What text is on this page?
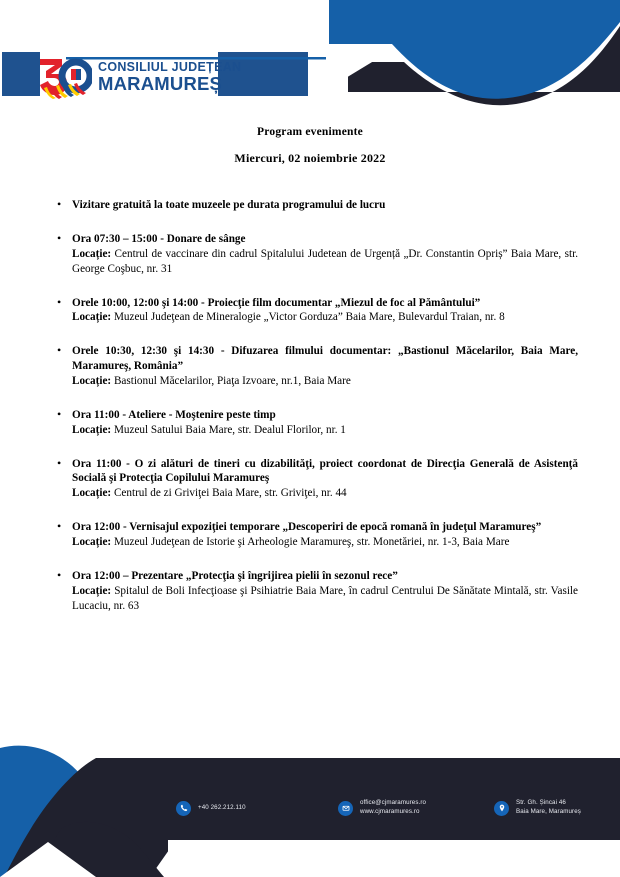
CONSILIUL JUDEȚEAN
MARAMUREȘ
Program evenimente
Miercuri, 02 noiembrie 2022
• Vizitare gratuită la toate muzeele pe durata programului de lucru
• Ora 07:30 – 15:00 - Donare de sânge
Locație: Centrul de vaccinare din cadrul Spitalului Judetean de Urgență „Dr. Constantin Opriș” Baia Mare, str. George Coşbuc, nr. 31
• Orele 10:00, 12:00 şi 14:00 - Proiecţie film documentar „Miezul de foc al Pământului”
Locație: Muzeul Judeţean de Mineralogie „Victor Gorduza” Baia Mare, Bulevardul Traian, nr. 8
• Orele 10:30, 12:30 şi 14:30 - Difuzarea filmului documentar: „Bastionul Măcelarilor, Baia Mare, Maramureş, România”
Locație: Bastionul Măcelarilor, Piaţa Izvoare, nr.1, Baia Mare
• Ora 11:00 - Ateliere - Moştenire peste timp
Locație: Muzeul Satului Baia Mare, str. Dealul Florilor, nr. 1
• Ora 11:00 - O zi alături de tineri cu dizabilităţi, proiect coordonat de Direcţia Generală de Asistenţă Socială şi Protecţia Copilului Maramureş
Locație: Centrul de zi Griviţei Baia Mare, str. Griviţei, nr. 44
• Ora 12:00 - Vernisajul expoziţiei temporare „Descoperiri de epocă romană în judeţul Maramureş”
Locație: Muzeul Judeţean de Istorie şi Arheologie Maramureş, str. Monetăriei, nr. 1-3, Baia Mare
• Ora 12:00 – Prezentare „Protecţia şi îngrijirea pielii în sezonul rece”
Locație: Spitalul de Boli Infecţioase şi Psihiatrie Baia Mare, în cadrul Centrului De Sănătate Mintală, str. Vasile Lucaciu, nr. 63
+40 262.212.110
office@cjmaramures.ro
www.cjmaramures.ro
Str. Gh. Șincai 46
Baia Mare, Maramureș
